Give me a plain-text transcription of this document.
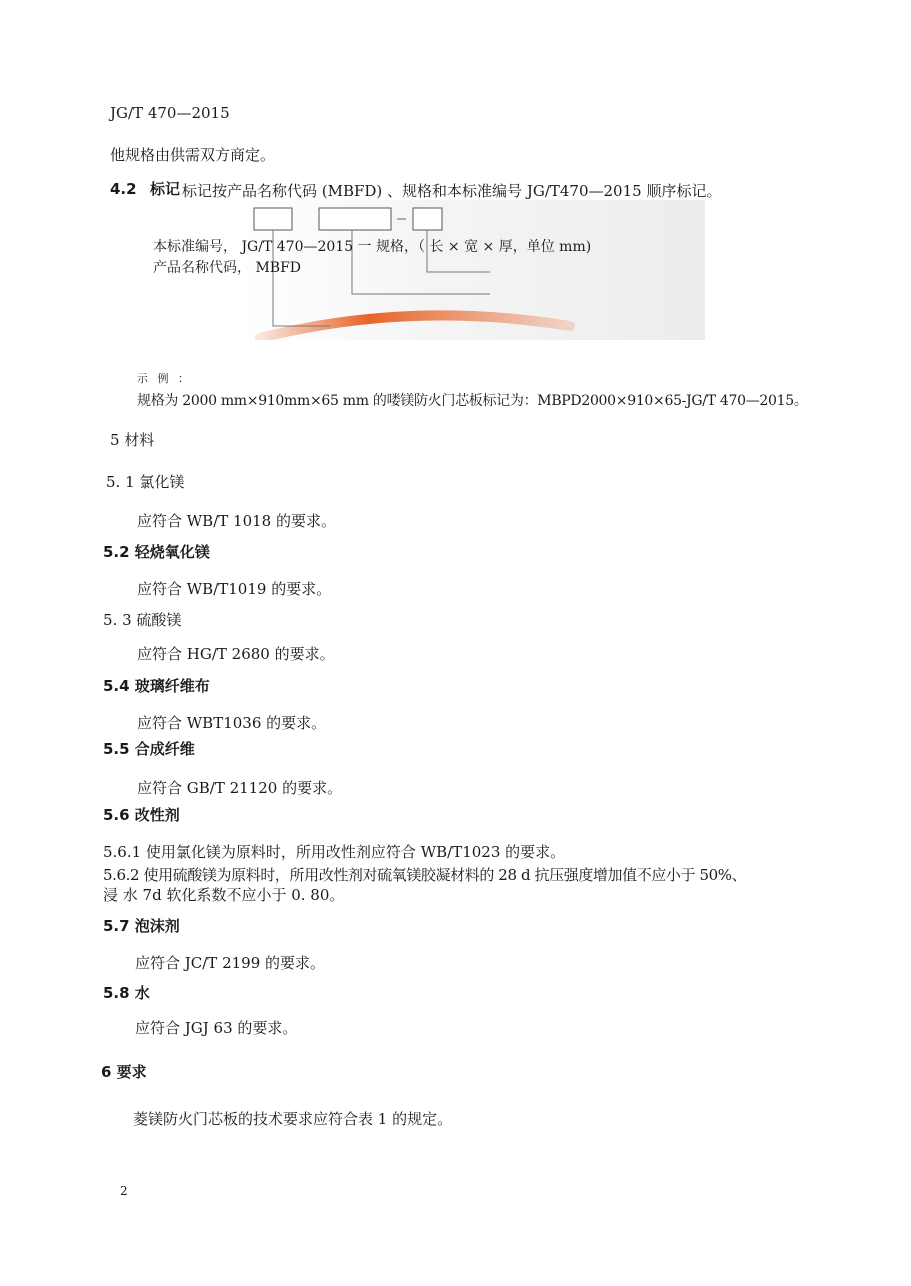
JG/T 470—2015
他规格由供需双方商定。
4.2 标记 标记按产品名称代码 (MBFD) 、规格和本标准编号 JG/T470—2015 顺序标记。
本标准编号， JG/T 470—2015 一 规格，（ 长 × 宽 × 厚，单位 mm)
产品名称代码， MBFD
示 例 ：
规格为 2000 mm×910mm×65 mm 的喽镁防火门芯板标记为：MBPD2000×910×65-JG/T 470—2015。
5 材料
5. 1 氯化镁
应符合 WB/T 1018 的要求。
5.2 轻烧氧化镁
应符合 WB/T1019 的要求。
5. 3 硫酸镁
应符合 HG/T 2680 的要求。
5.4 玻璃纤维布
应符合 WBT1036 的要求。
5.5 合成纤维
应符合 GB/T 21120 的要求。
5.6 改性剂
5.6.1 使用氯化镁为原料时，所用改性剂应符合 WB/T1023 的要求。
5.6.2 使用硫酸镁为原料时，所用改性剂对硫氧镁胶凝材料的 28 d 抗压强度增加值不应小于 50%、
浸 水 7d 软化系数不应小于 0. 80。
5.7 泡沫剂
应符合 JC/T 2199 的要求。
5.8 水
应符合 JGJ 63 的要求。
6 要求
菱镁防火门芯板的技术要求应符合表 1 的规定。
2
